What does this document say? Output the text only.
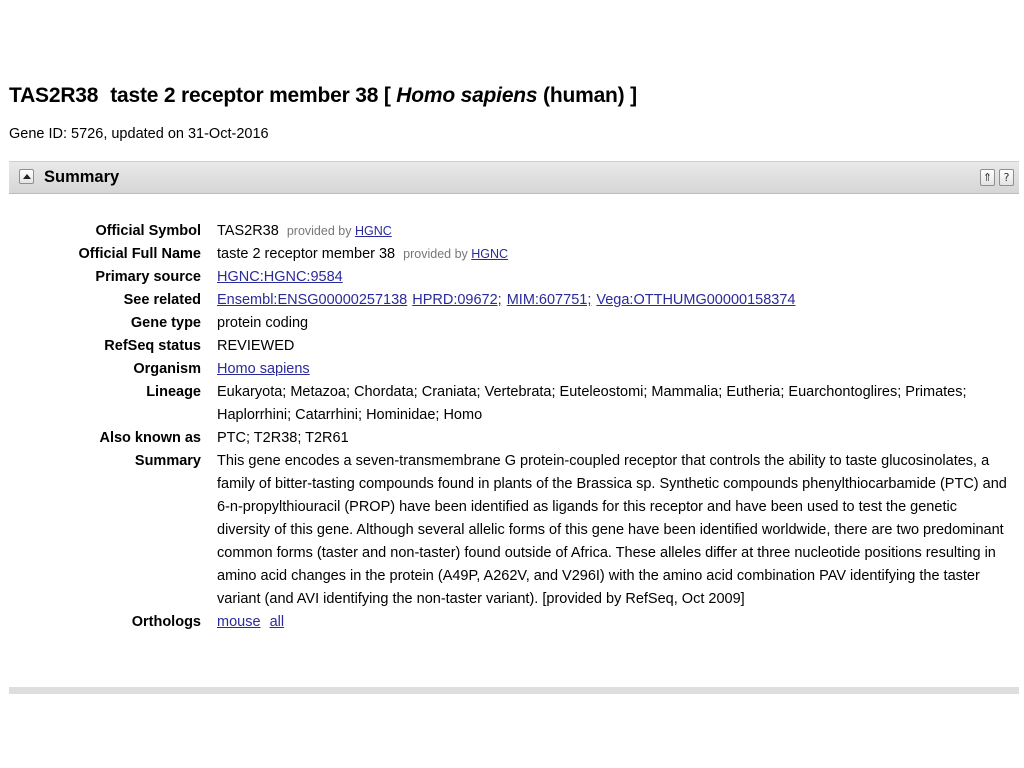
TAS2R38 taste 2 receptor member 38 [ Homo sapiens (human) ]
Gene ID: 5726, updated on 31-Oct-2016
Summary	⇑	?
Official Symbol TAS2R38 provided by HGNC
Official Full Name taste 2 receptor member 38 provided by HGNC
Primary source HGNC:HGNC:9584
See related Ensembl:ENSG00000257138 HPRD:09672; MIM:607751; Vega:OTTHUMG00000158374
Gene type protein coding
RefSeq status REVIEWED
Organism Homo sapiens
Lineage Eukaryota; Metazoa; Chordata; Craniata; Vertebrata; Euteleostomi; Mammalia; Eutheria; Euarchontoglires; Primates; Haplorrhini; Catarrhini; Hominidae; Homo
Also known as PTC; T2R38; T2R61
Summary This gene encodes a seven-transmembrane G protein-coupled receptor that controls the ability to taste glucosinolates, a family of bitter-tasting compounds found in plants of the Brassica sp. Synthetic compounds phenylthiocarbamide (PTC) and 6-n-propylthiouracil (PROP) have been identified as ligands for this receptor and have been used to test the genetic diversity of this gene. Although several allelic forms of this gene have been identified worldwide, there are two predominant common forms (taster and non-taster) found outside of Africa. These alleles differ at three nucleotide positions resulting in amino acid changes in the protein (A49P, A262V, and V296I) with the amino acid combination PAV identifying the taster variant (and AVI identifying the non-taster variant). [provided by RefSeq, Oct 2009]
Orthologs mouse all
